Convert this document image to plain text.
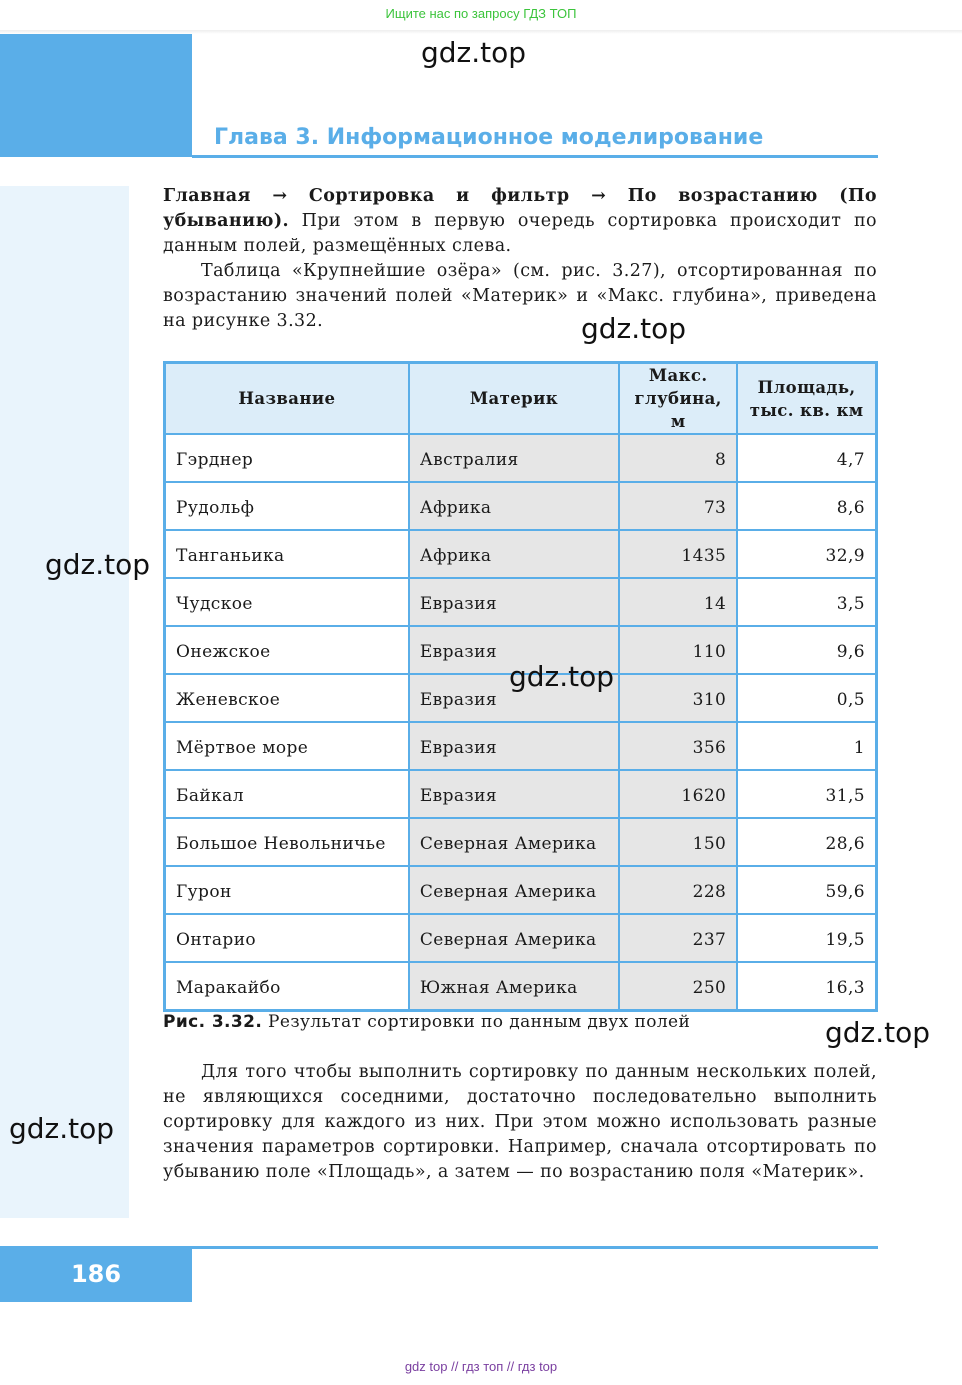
Ищите нас по запросу ГДЗ ТОП
gdz.top
Глава 3. Информационное моделирование

Главная → Сортировка и фильтр → По возрастанию (По убыванию). При этом в первую очередь сортировка происходит по данным полей, размещённых слева.

Таблица «Крупнейшие озёра» (см. рис. 3.27), отсортированная по возрастанию значений полей «Материк» и «Макс. глубина», приведена на рисунке 3.32.	gdz.top
Название	Материк	Макс. глубина, м	Площадь, тыс. кв. км
Гэрднер	Австралия	8	4,7
Рудольф	Африка	73	8,6
Танганьика	Африка	1435	32,9
Чудское	Евразия	14	3,5
Онежское	Евразия	110	9,6
Женевское	Евразия	310	0,5
Мёртвое море	Евразия	356	1
Байкал	Евразия	1620	31,5
Большое Невольничье	Северная Америка	150	28,6
Гурон	Северная Америка	228	59,6
Онтарио	Северная Америка	237	19,5
Маракайбо	Южная Америка	250	16,3
gdz.top
gdz.top
Рис. 3.32. Результат сортировки по данным двух полей	gdz.top

Для того чтобы выполнить сортировку по данным нескольких полей, не являющихся соседними, достаточно последовательно выполнить сортировку для каждого из них. При этом можно использовать разные значения параметров сортировки. Например, сначала отсортировать по убыванию поле «Площадь», а затем — по возрастанию поля «Материк».

gdz.top
186
gdz top // гдз топ // гдз top
